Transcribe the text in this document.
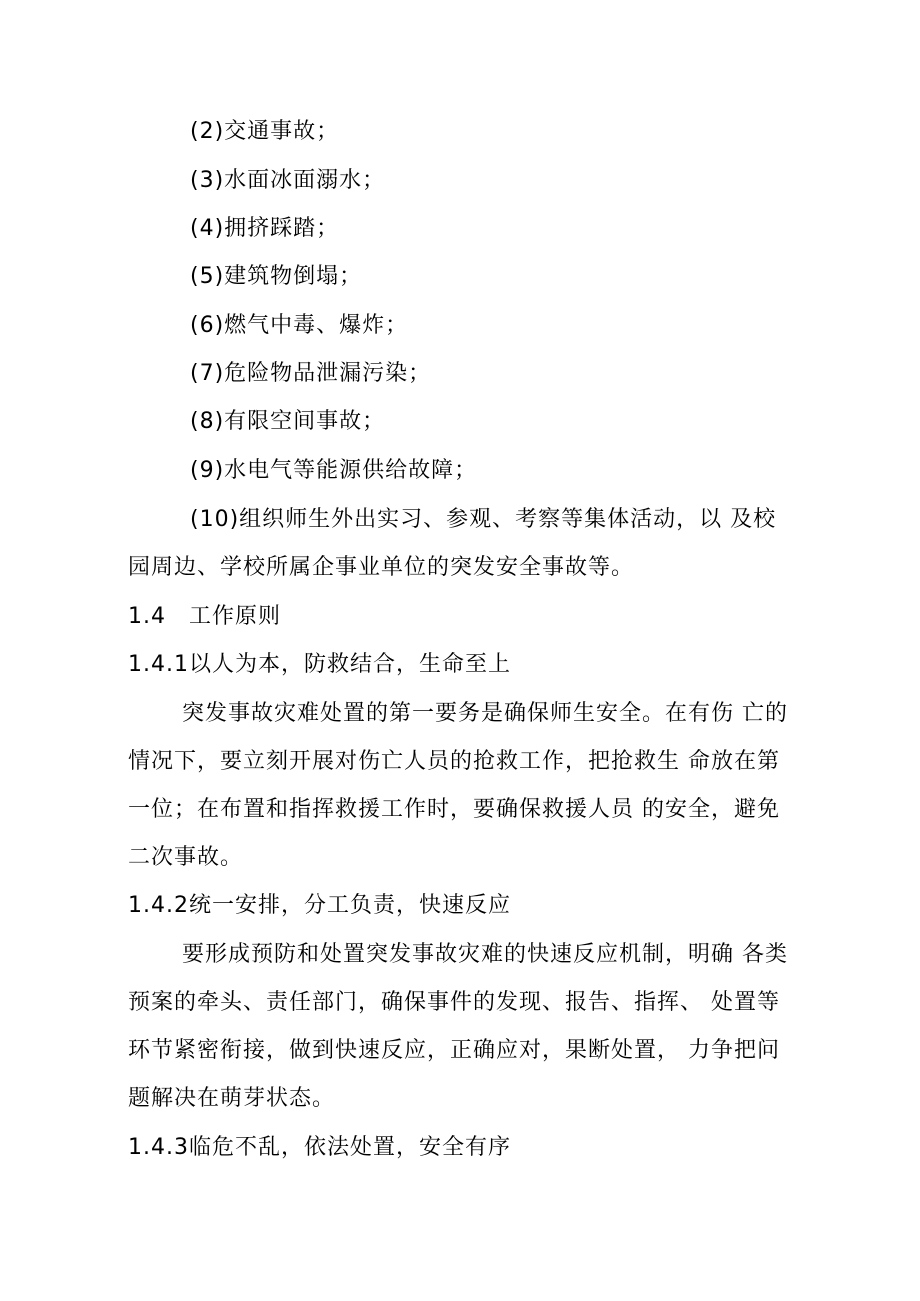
(2)交通事故；
(3)水面冰面溺水；
(4)拥挤踩踏；
(5)建筑物倒塌；
(6)燃气中毒、爆炸；
(7)危险物品泄漏污染；
(8)有限空间事故；
(9)水电气等能源供给故障；
(10)组织师生外出实习、参观、考察等集体活动，以 及校
园周边、学校所属企事业单位的突发安全事故等。
1.4　工作原则
1.4.1以人为本，防救结合，生命至上
突发事故灾难处置的第一要务是确保师生安全。在有伤 亡的
情况下，要立刻开展对伤亡人员的抢救工作，把抢救生 命放在第
一位；在布置和指挥救援工作时，要确保救援人员 的安全，避免
二次事故。
1.4.2统一安排，分工负责，快速反应
要形成预防和处置突发事故灾难的快速反应机制，明确 各类
预案的牵头、责任部门，确保事件的发现、报告、指挥、 处置等
环节紧密衔接，做到快速反应，正确应对，果断处置， 力争把问
题解决在萌芽状态。
1.4.3临危不乱，依法处置，安全有序
